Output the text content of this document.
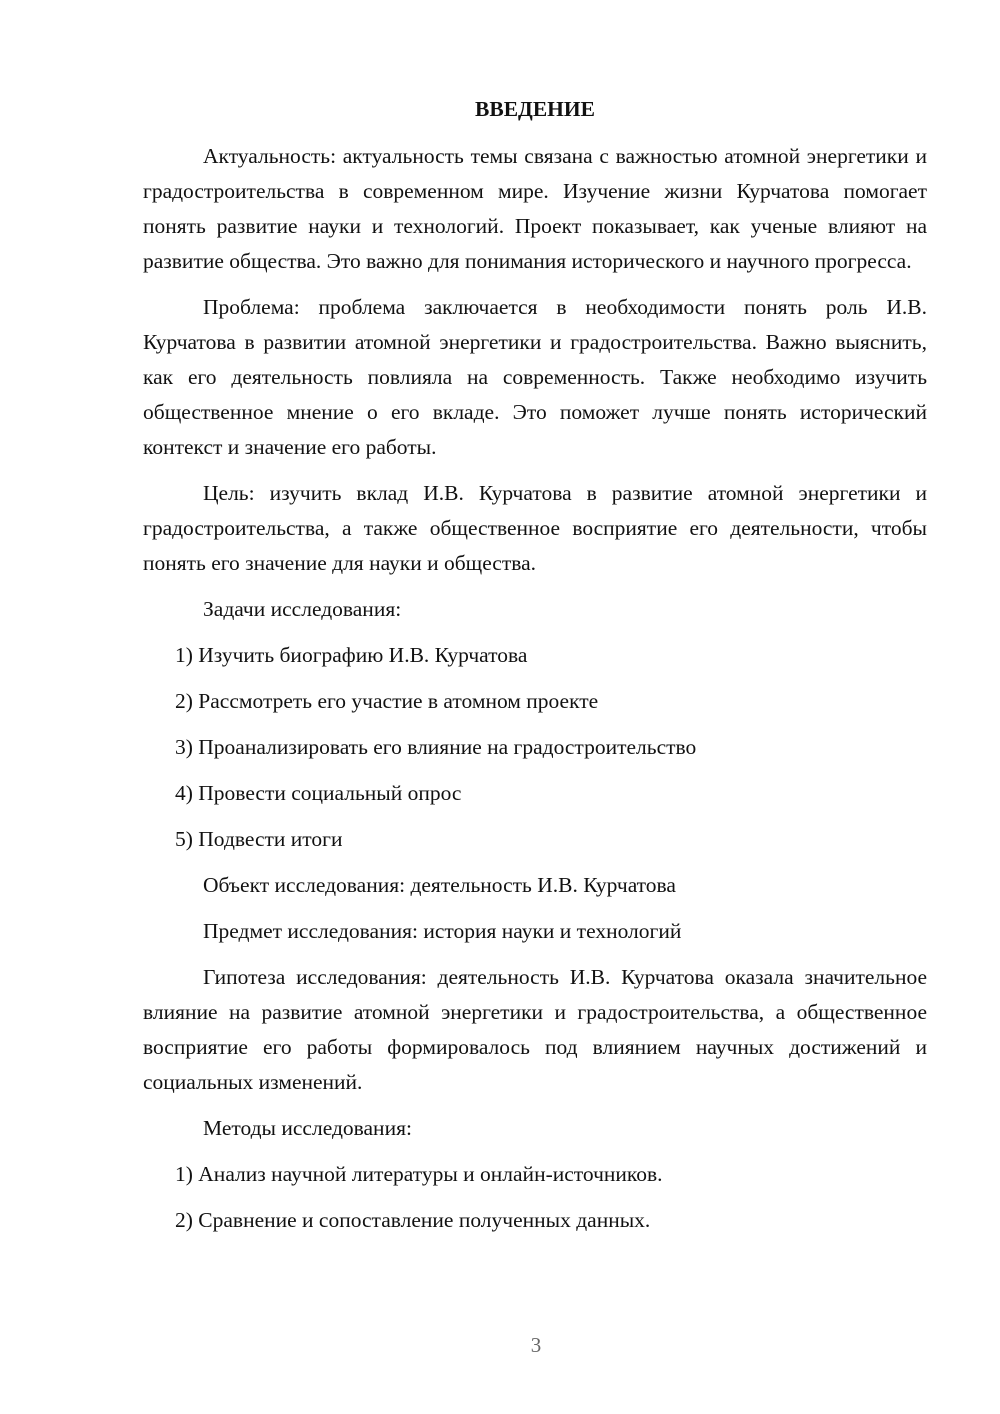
ВВЕДЕНИЕ

Актуальность: актуальность темы связана с важностью атомной энергетики и градостроительства в современном мире. Изучение жизни Курчатова помогает понять развитие науки и технологий. Проект показывает, как ученые влияют на развитие общества. Это важно для понимания исторического и научного прогресса.

Проблема: проблема заключается в необходимости понять роль И.В. Курчатова в развитии атомной энергетики и градостроительства. Важно выяснить, как его деятельность повлияла на современность. Также необходимо изучить общественное мнение о его вкладе. Это поможет лучше понять исторический контекст и значение его работы.

Цель: изучить вклад И.В. Курчатова в развитие атомной энергетики и градостроительства, а также общественное восприятие его деятельности, чтобы понять его значение для науки и общества.

Задачи исследования:

1) Изучить биографию И.В. Курчатова

2) Рассмотреть его участие в атомном проекте

3) Проанализировать его влияние на градостроительство

4) Провести социальный опрос

5) Подвести итоги

Объект исследования: деятельность И.В. Курчатова

Предмет исследования: история науки и технологий

Гипотеза исследования: деятельность И.В. Курчатова оказала значительное влияние на развитие атомной энергетики и градостроительства, а общественное восприятие его работы формировалось под влиянием научных достижений и социальных изменений.

Методы исследования:

1) Анализ научной литературы и онлайн-источников.

2) Сравнение и сопоставление полученных данных.

3
